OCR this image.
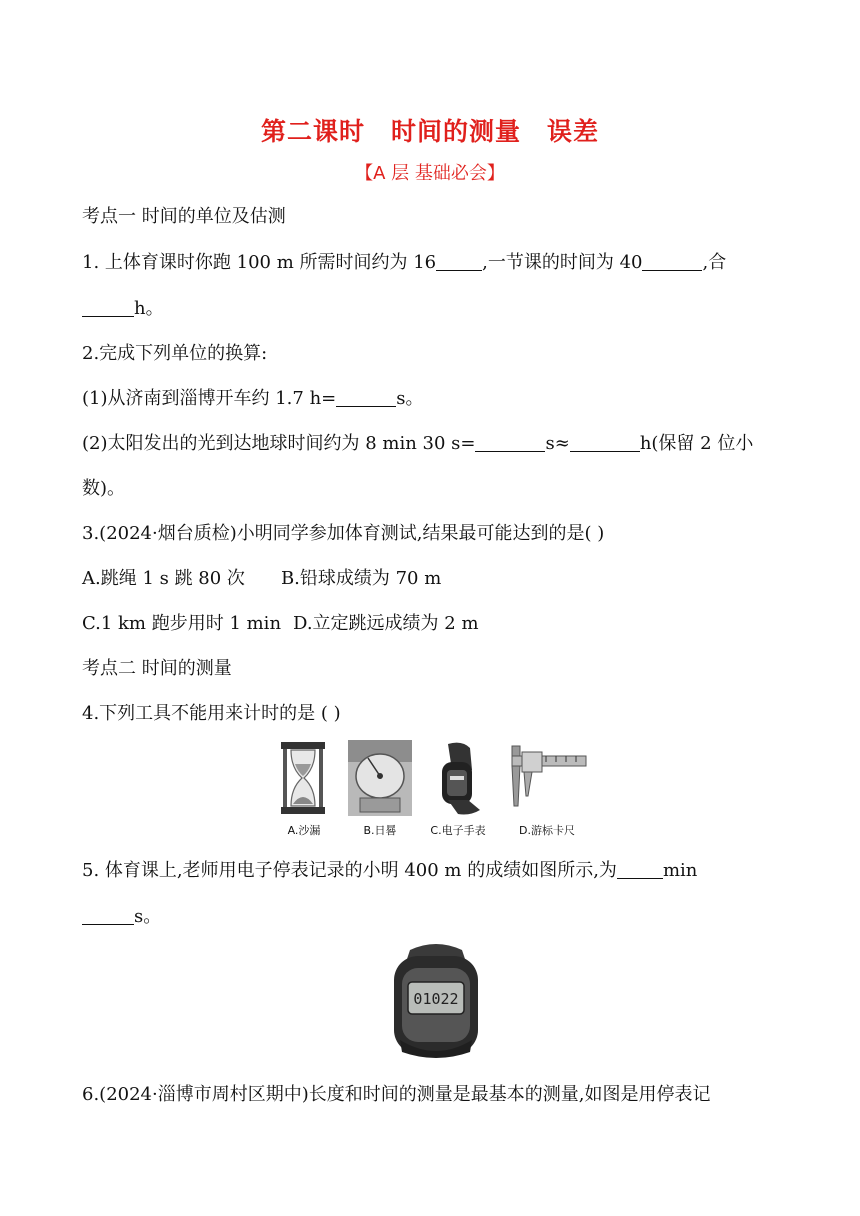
第二课时 时间的测量 误差
【A 层 基础必会】
考点一 时间的单位及估测
1. 上体育课时你跑 100 m 所需时间约为 16	,一节课的时间为 40	,合
h。
2.完成下列单位的换算:
(1)从济南到淄博开车约 1.7 h=	s。
(2)太阳发出的光到达地球时间约为 8 min 30 s=	s≈	h(保留 2 位小
数)。
3.(2024·烟台质检)小明同学参加体育测试,结果最可能达到的是( )
A.跳绳 1 s 跳 80 次 B.铅球成绩为 70 m
C.1 km 跑步用时 1 min D.立定跳远成绩为 2 m
考点二 时间的测量
4.下列工具不能用来计时的是 ( )
A.沙漏	B.日晷	C.电子手表	D.游标卡尺
5. 体育课上,老师用电子停表记录的小明 400 m 的成绩如图所示,为	min
s。
01022
6.(2024·淄博市周村区期中)长度和时间的测量是最基本的测量,如图是用停表记
